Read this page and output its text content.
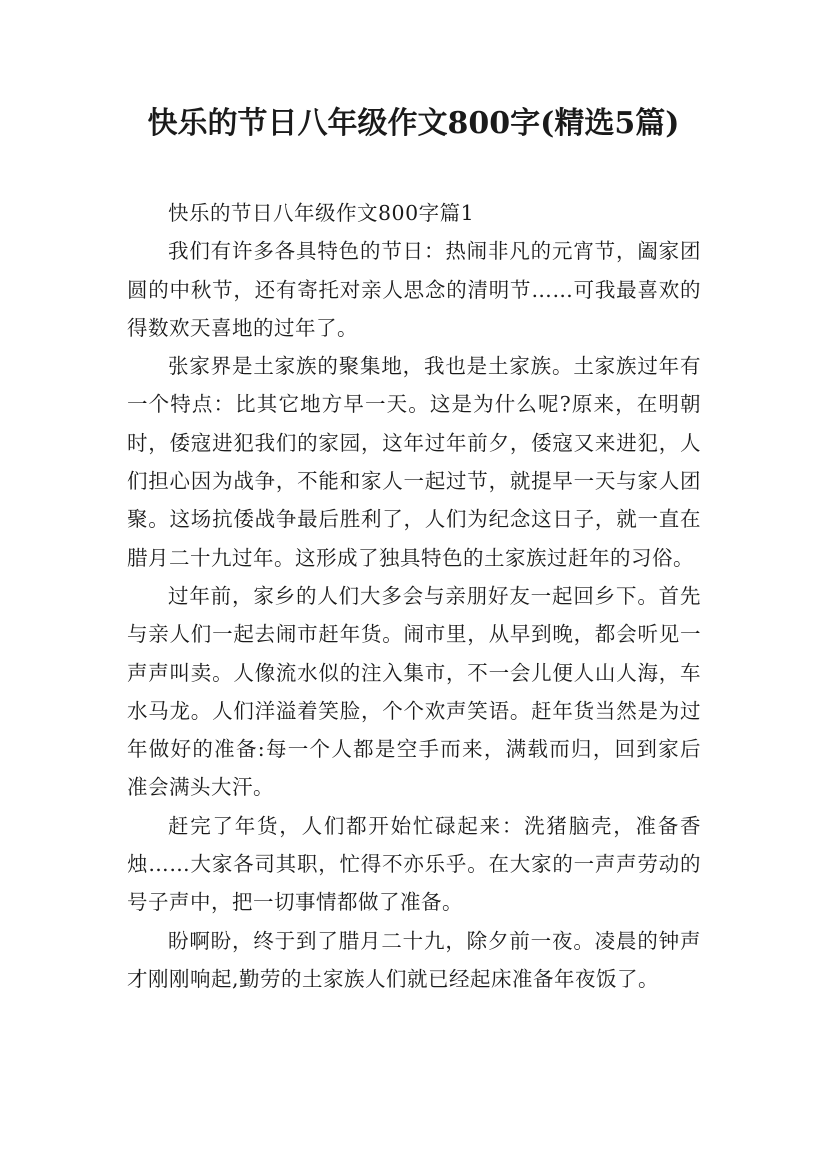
快乐的节日八年级作文800字(精选5篇)

快乐的节日八年级作文800字篇1

我们有许多各具特色的节日：热闹非凡的元宵节，阖家团圆的中秋节，还有寄托对亲人思念的清明节……可我最喜欢的得数欢天喜地的过年了。

张家界是土家族的聚集地，我也是土家族。土家族过年有一个特点：比其它地方早一天。这是为什么呢?原来，在明朝时，倭寇进犯我们的家园，这年过年前夕，倭寇又来进犯，人们担心因为战争，不能和家人一起过节，就提早一天与家人团聚。这场抗倭战争最后胜利了，人们为纪念这日子，就一直在腊月二十九过年。这形成了独具特色的土家族过赶年的习俗。

过年前，家乡的人们大多会与亲朋好友一起回乡下。首先与亲人们一起去闹市赶年货。闹市里，从早到晚，都会听见一声声叫卖。人像流水似的注入集市，不一会儿便人山人海，车水马龙。人们洋溢着笑脸，个个欢声笑语。赶年货当然是为过年做好的准备:每一个人都是空手而来，满载而归，回到家后准会满头大汗。

赶完了年货，人们都开始忙碌起来：洗猪脑壳，准备香烛……大家各司其职，忙得不亦乐乎。在大家的一声声劳动的号子声中，把一切事情都做了准备。

盼啊盼，终于到了腊月二十九，除夕前一夜。凌晨的钟声才刚刚响起,勤劳的土家族人们就已经起床准备年夜饭了。
